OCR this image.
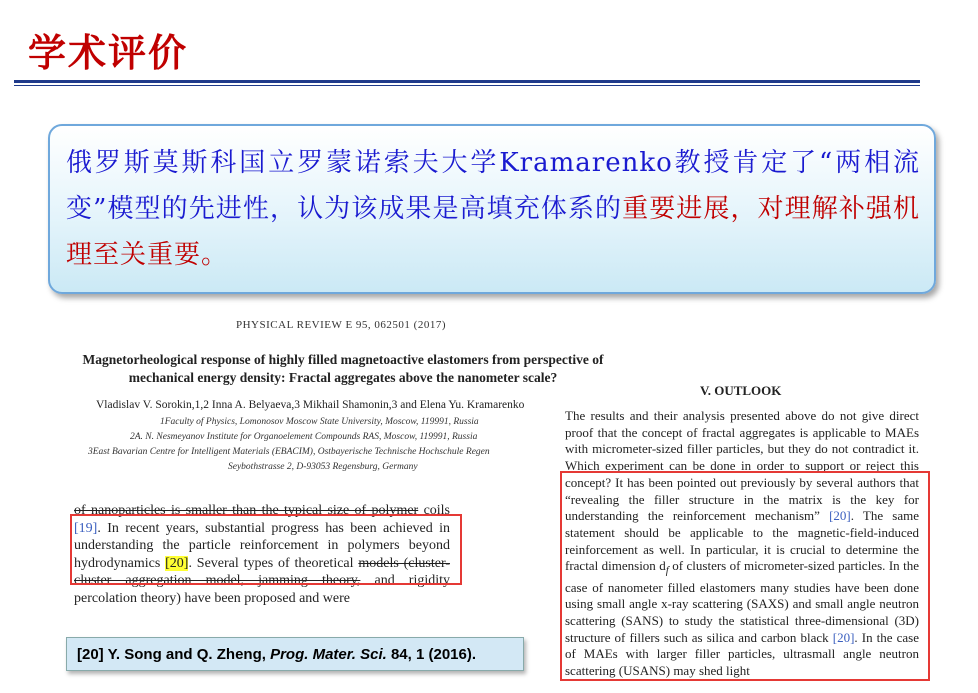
学术评价

俄罗斯莫斯科国立罗蒙诺索夫大学Kramarenko教授肯定了“两相流变”模型的先进性，认为该成果是高填充体系的重要进展，对理解补强机理至关重要。

PHYSICAL REVIEW E 95, 062501 (2017)
Magnetorheological response of highly filled magnetoactive elastomers from perspective of mechanical energy density: Fractal aggregates above the nanometer scale?
Vladislav V. Sorokin,1,2 Inna A. Belyaeva,3 Mikhail Shamonin,3 and Elena Yu. Kramarenko
1Faculty of Physics, Lomonosov Moscow State University, Moscow, 119991, Russia
2A. N. Nesmeyanov Institute for Organoelement Compounds RAS, Moscow, 119991, Russia
3East Bavarian Centre for Intelligent Materials (EBACIM), Ostbayerische Technische Hochschule Regen
Seybothstrasse 2, D-93053 Regensburg, Germany
of nanoparticles is smaller than the typical size of polymer coils [19]. In recent years, substantial progress has been achieved in understanding the particle reinforcement in polymers beyond hydrodynamics [20]. Several types of theoretical models (cluster-cluster aggregation model, jamming theory, and rigidity percolation theory) have been proposed and were
V. OUTLOOK
The results and their analysis presented above do not give direct proof that the concept of fractal aggregates is applicable to MAEs with micrometer-sized filler particles, but they do not contradict it. Which experiment can be done in order to support or reject this concept? It has been pointed out previously by several authors that “revealing the filler structure in the matrix is the key for understanding the reinforcement mechanism” [20]. The same statement should be applicable to the magnetic-field-induced reinforcement as well. In particular, it is crucial to determine the fractal dimension $d_f$ of clusters of micrometer-sized particles. In the case of nanometer filled elastomers many studies have been done using small angle x-ray scattering (SAXS) and small angle neutron scattering (SANS) to study the statistical three-dimensional (3D) structure of fillers such as silica and carbon black [20]. In the case of MAEs with larger filler particles, ultrasmall angle neutron scattering (USANS) may shed light
[20] Y. Song and Q. Zheng, Prog. Mater. Sci. 84, 1 (2016).
